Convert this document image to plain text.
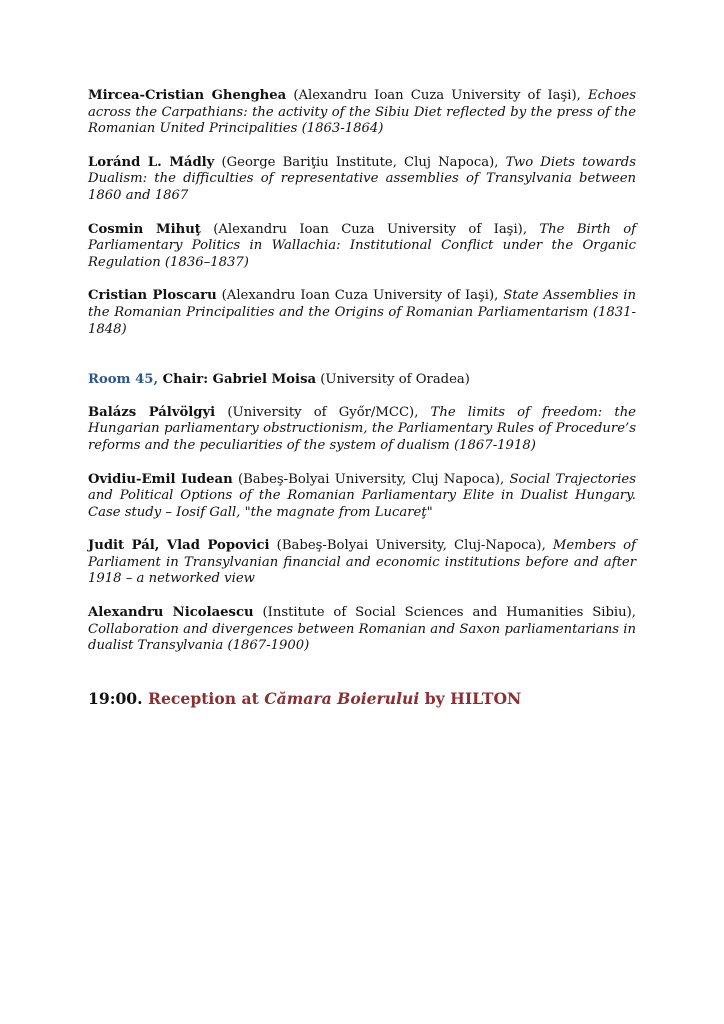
Mircea-Cristian Ghenghea (Alexandru Ioan Cuza University of Iaşi), Echoes across the Carpathians: the activity of the Sibiu Diet reflected by the press of the Romanian United Principalities (1863-1864)

Loránd L. Mádly (George Bariţiu Institute, Cluj Napoca), Two Diets towards Dualism: the difficulties of representative assemblies of Transylvania between 1860 and 1867

Cosmin Mihuţ (Alexandru Ioan Cuza University of Iaşi), The Birth of Parliamentary Politics in Wallachia: Institutional Conflict under the Organic Regulation (1836–1837)

Cristian Ploscaru (Alexandru Ioan Cuza University of Iaşi), State Assemblies in the Romanian Principalities and the Origins of Romanian Parliamentarism (1831-1848)

Room 45, Chair: Gabriel Moisa (University of Oradea)

Balázs Pálvölgyi (University of Győr/MCC), The limits of freedom: the Hungarian parliamentary obstructionism, the Parliamentary Rules of Procedure’s reforms and the peculiarities of the system of dualism (1867-1918)

Ovidiu-Emil Iudean (Babeş-Bolyai University, Cluj Napoca), Social Trajectories and Political Options of the Romanian Parliamentary Elite in Dualist Hungary. Case study – Iosif Gall, "the magnate from Lucareţ"

Judit Pál, Vlad Popovici (Babeş-Bolyai University, Cluj-Napoca), Members of Parliament in Transylvanian financial and economic institutions before and after 1918 – a networked view

Alexandru Nicolaescu (Institute of Social Sciences and Humanities Sibiu), Collaboration and divergences between Romanian and Saxon parliamentarians in dualist Transylvania (1867-1900)

19:00. Reception at Cămara Boierului by HILTON
